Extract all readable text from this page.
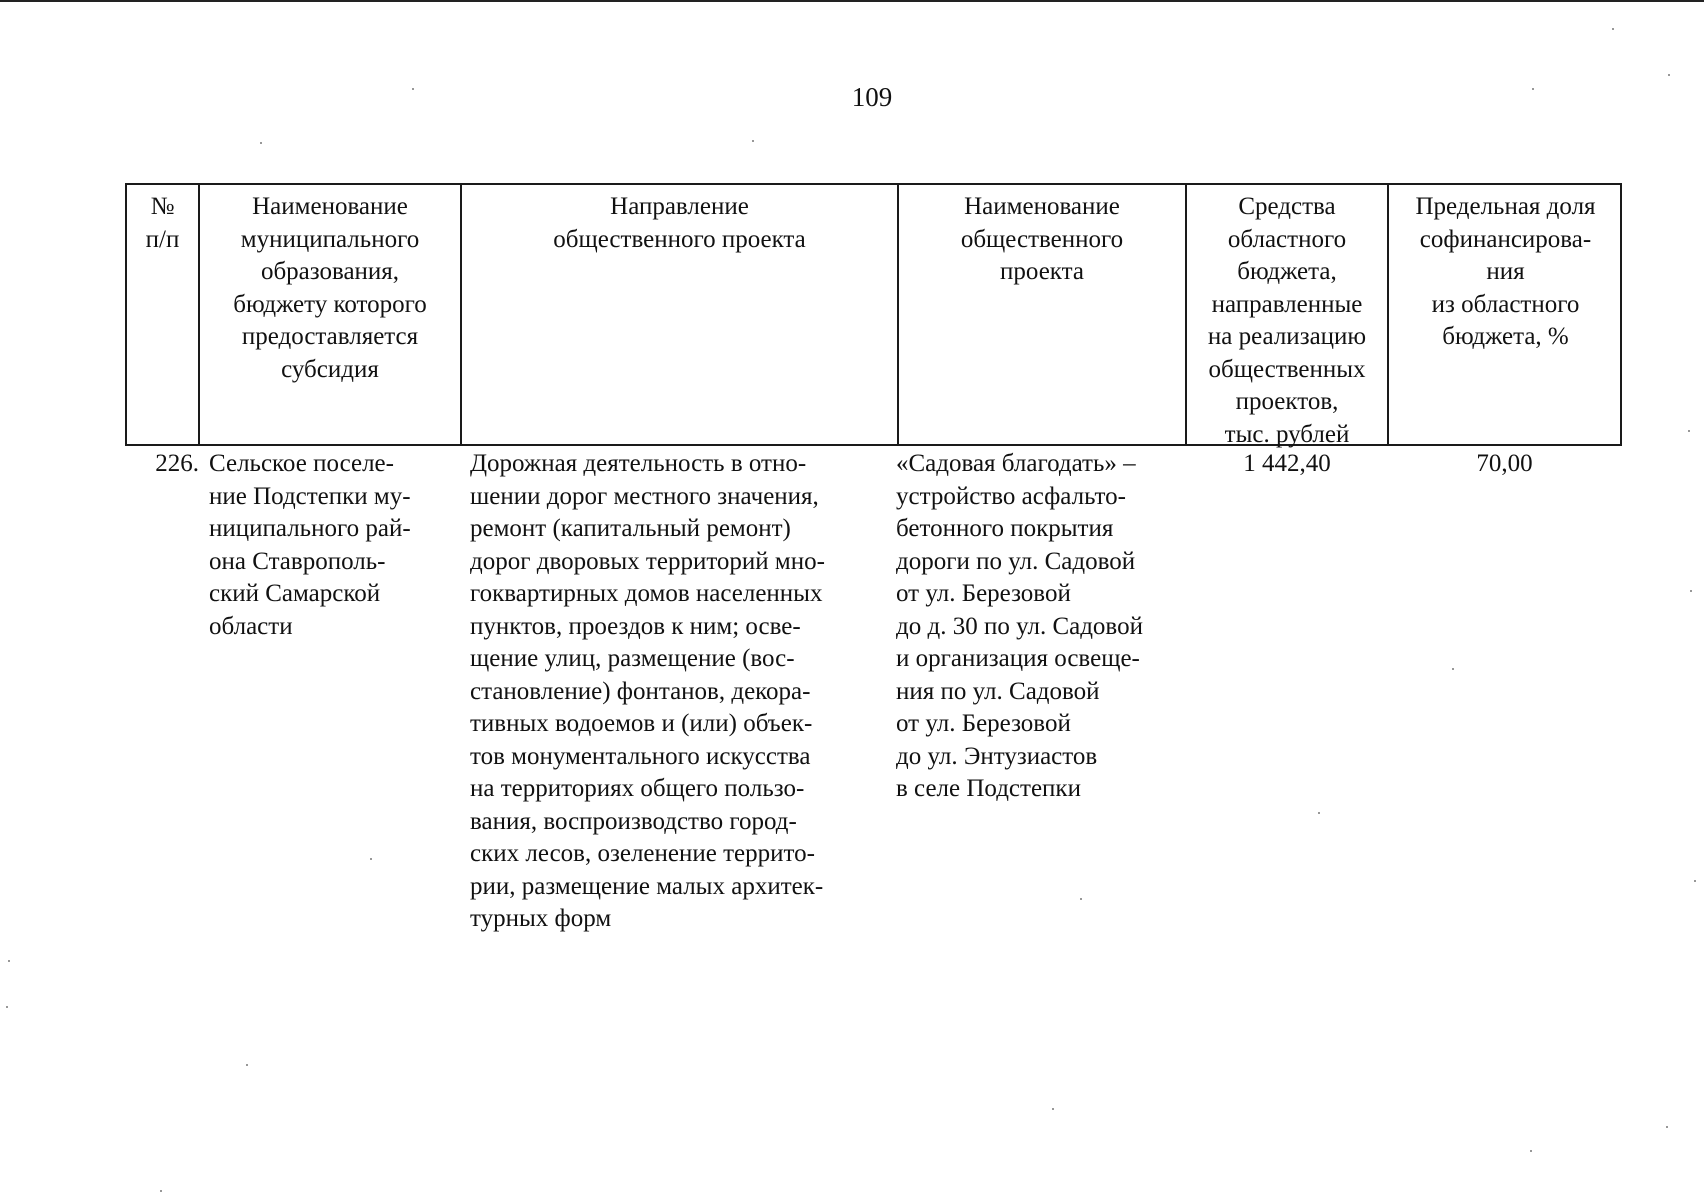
109
№
п/п
Наименование
муниципального
образования,
бюджету которого
предоставляется
субсидия
Направление
общественного проекта
Наименование
общественного
проекта
Средства
областного
бюджета,
направленные
на реализацию
общественных
проектов,
тыс. рублей
Предельная доля
софинансирова-
ния
из областного
бюджета, %
226. Сельское поселе-
ние Подстепки му-
ниципального рай-
она Ставрополь-
ский Самарской
области
Дорожная деятельность в отно-
шении дорог местного значения,
ремонт (капитальный ремонт)
дорог дворовых территорий мно-
гоквартирных домов населенных
пунктов, проездов к ним; осве-
щение улиц, размещение (вос-
становление) фонтанов, декора-
тивных водоемов и (или) объек-
тов монументального искусства
на территориях общего пользо-
вания, воспроизводство город-
ских лесов, озеленение террито-
рии, размещение малых архитек-
турных форм
«Садовая благодать» –
устройство асфальто-
бетонного покрытия
дороги по ул. Садовой
от ул. Березовой
до д. 30 по ул. Садовой
и организация освеще-
ния по ул. Садовой
от ул. Березовой
до ул. Энтузиастов
в селе Подстепки
1 442,40	70,00
